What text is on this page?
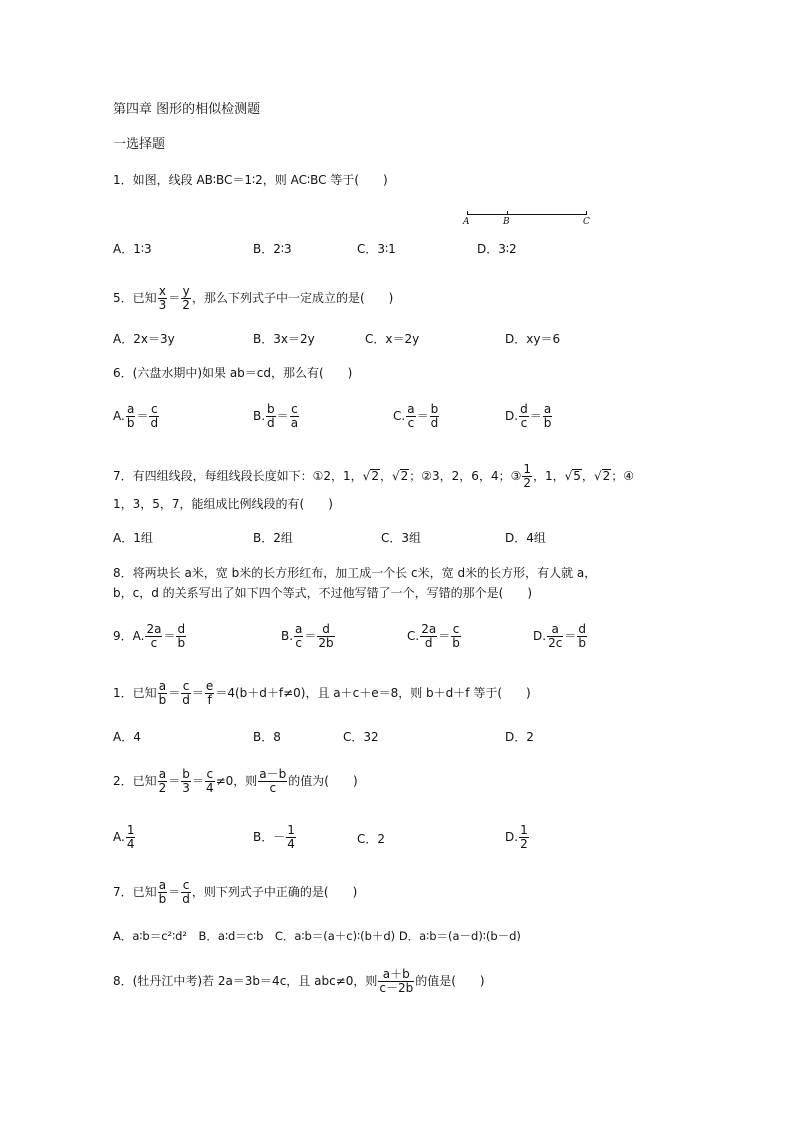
第四章 图形的相似检测题
一选择题
1．如图，线段 AB∶BC＝1∶2，则 AC∶BC 等于(　　)
A	B	C
A．1∶3	B．2∶3	C．3∶1	D．3∶2
5．已知 $\frac{x}{3} = \frac{y}{2}$ ，那么下列式子中一定成立的是(　　)
A．2x＝3y	B．3x＝2y	C．x＝2y	D．xy＝6
6．(六盘水期中)如果 ab＝cd，那么有(　　)
A. $\frac{a}{b} = \frac{c}{d}$	B. $\frac{b}{d} = \frac{c}{a}$	C. $\frac{a}{c} = \frac{b}{d}$	D. $\frac{d}{c} = \frac{a}{b}$
7．有四组线段，每组线段长度如下：①2，1，√2，√2；②3，2，6，4；③ $\frac{1}{2}$ ，1，√5，√2；④
1，3，5，7，能组成比例线段的有(　　)
A．1组	B．2组	C．3组	D．4组
8．将两块长 a米，宽 b米的长方形红布，加工成一个长 c米，宽 d米的长方形，有人就 a，
b，c，d 的关系写出了如下四个等式，不过他写错了一个，写错的那个是(　　)
9．A. $\frac{2a}{c} = \frac{d}{b}$	B. $\frac{a}{c} = \frac{d}{2b}$	C. $\frac{2a}{d} = \frac{c}{b}$	D. $\frac{a}{2c} = \frac{d}{b}$
1．已知 $\frac{a}{b} = \frac{c}{d} = \frac{e}{f} =4(b+d+f\ne 0)$，且 a＋c＋e＝8，则 b＋d＋f 等于(　　)
A．4	B．8	C．32	D．2
2．已知 $\frac{a}{2} = \frac{b}{3} = \frac{c}{4} \ne 0$，则 $\frac{a-b}{c}$ 的值为(　　)
A. $\frac{1}{4}$	B．－ $\frac{1}{4}$	C．2	D. $\frac{1}{2}$
7．已知 $\frac{a}{b} = \frac{c}{d}$ ，则下列式子中正确的是(　　)
A．a∶b＝c²∶d²　B．a∶d＝c∶b　C．a∶b＝(a＋c)∶(b＋d) D．a∶b＝(a－d)∶(b－d)
8．(牡丹江中考)若 2a＝3b＝4c，且 abc≠0，则 $\frac{a+b}{c-2b}$ 的值是(　　)
